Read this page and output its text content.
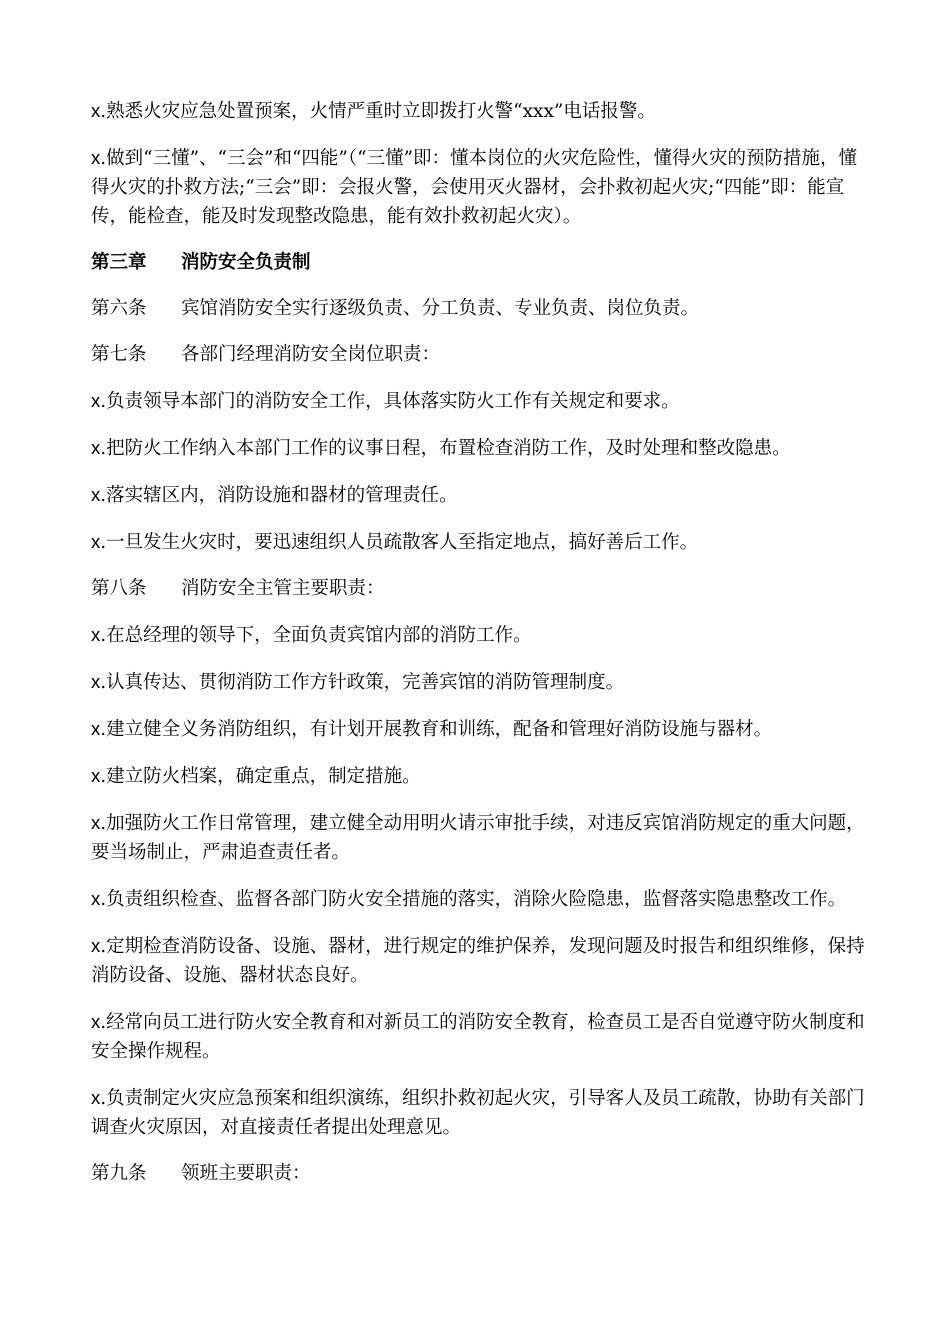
x.熟悉火灾应急处置预案，火情严重时立即拨打火警“xxx”电话报警。

x.做到“三懂”、“三会”和“四能”（“三懂”即：懂本岗位的火灾危险性，懂得火灾的预防措施，懂得火灾的扑救方法;“三会”即：会报火警，会使用灭火器材，会扑救初起火灾;“四能”即：能宣传，能检查，能及时发现整改隐患，能有效扑救初起火灾）。

第三章 消防安全负责制

第六条 宾馆消防安全实行逐级负责、分工负责、专业负责、岗位负责。

第七条 各部门经理消防安全岗位职责：

x.负责领导本部门的消防安全工作，具体落实防火工作有关规定和要求。

x.把防火工作纳入本部门工作的议事日程，布置检查消防工作，及时处理和整改隐患。

x.落实辖区内，消防设施和器材的管理责任。

x.一旦发生火灾时，要迅速组织人员疏散客人至指定地点，搞好善后工作。

第八条 消防安全主管主要职责：

x.在总经理的领导下，全面负责宾馆内部的消防工作。

x.认真传达、贯彻消防工作方针政策，完善宾馆的消防管理制度。

x.建立健全义务消防组织，有计划开展教育和训练，配备和管理好消防设施与器材。

x.建立防火档案，确定重点，制定措施。

x.加强防火工作日常管理，建立健全动用明火请示审批手续，对违反宾馆消防规定的重大问题，要当场制止，严肃追查责任者。

x.负责组织检查、监督各部门防火安全措施的落实，消除火险隐患，监督落实隐患整改工作。

x.定期检查消防设备、设施、器材，进行规定的维护保养，发现问题及时报告和组织维修，保持消防设备、设施、器材状态良好。

x.经常向员工进行防火安全教育和对新员工的消防安全教育，检查员工是否自觉遵守防火制度和安全操作规程。

x.负责制定火灾应急预案和组织演练，组织扑救初起火灾，引导客人及员工疏散，协助有关部门调查火灾原因，对直接责任者提出处理意见。

第九条 领班主要职责：
